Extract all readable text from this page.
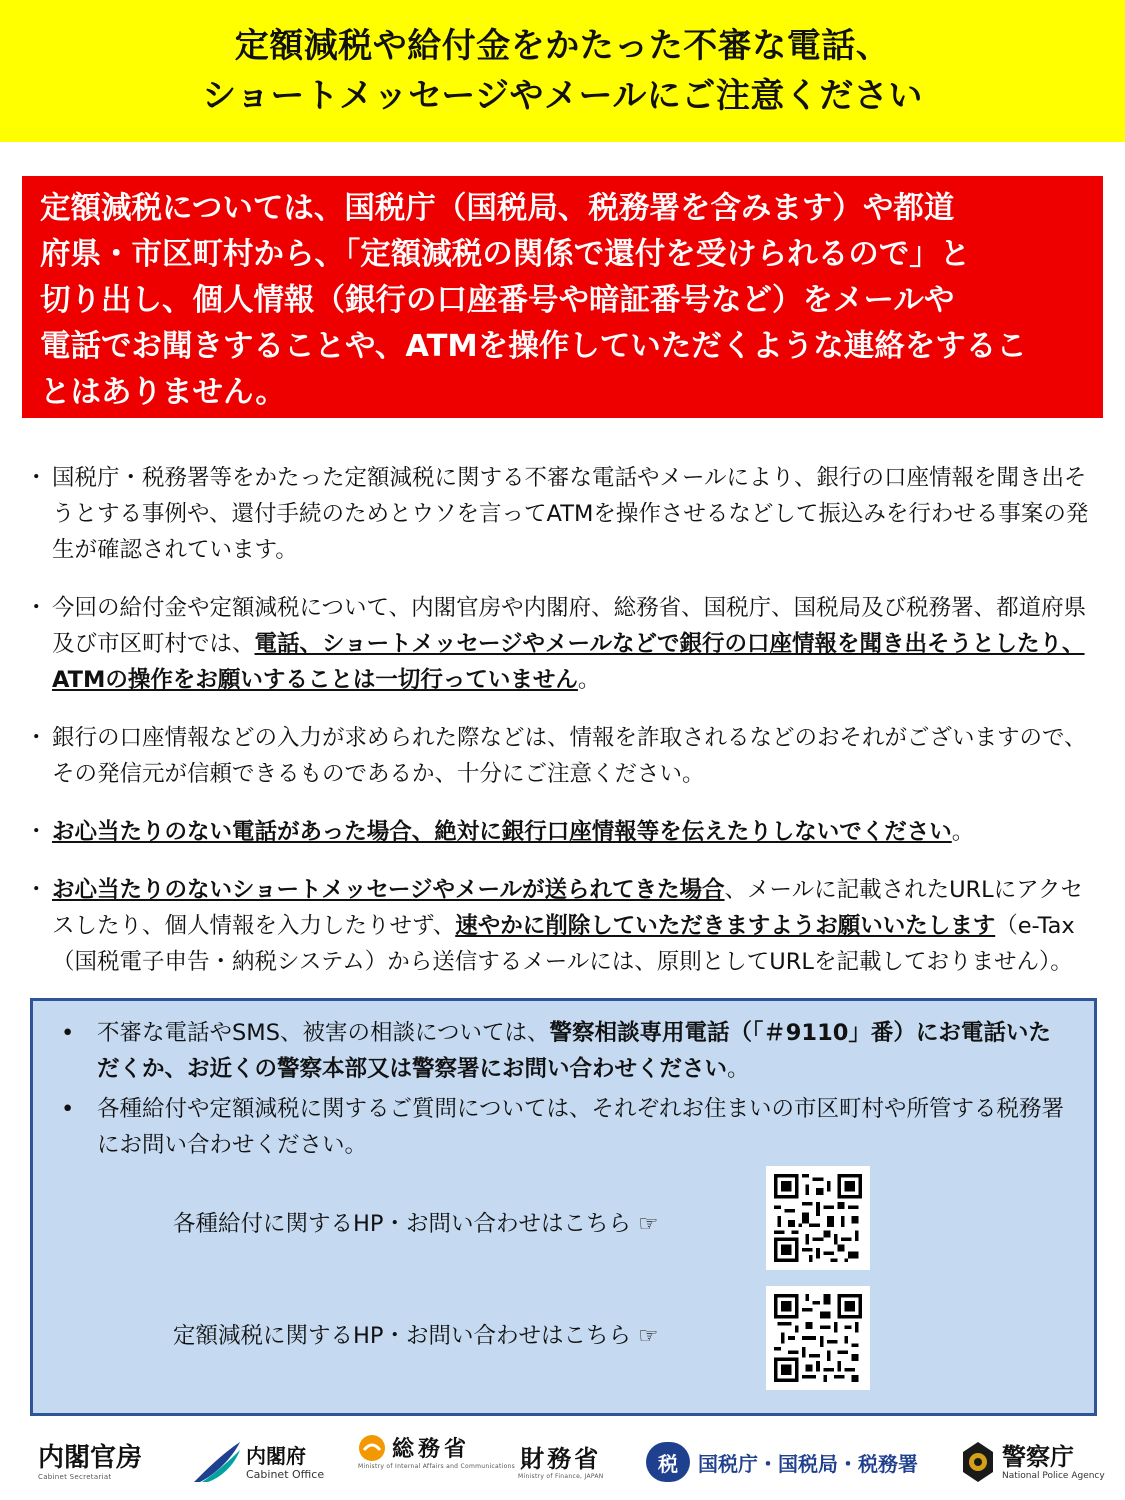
定額減税や給付金をかたった不審な電話、
ショートメッセージやメールにご注意ください
定額減税については、国税庁（国税局、税務署を含みます）や都道
府県・市区町村から、「定額減税の関係で還付を受けられるので」と
切り出し、個人情報（銀行の口座番号や暗証番号など）をメールや
電話でお聞きすることや、ATMを操作していただくような連絡をするこ
とはありません。
・ 国税庁・税務署等をかたった定額減税に関する不審な電話やメールにより、銀行の口座情報を聞き出そうとする事例や、還付手続のためとウソを言ってATMを操作させるなどして振込みを行わせる事案の発生が確認されています。
・ 今回の給付金や定額減税について、内閣官房や内閣府、総務省、国税庁、国税局及び税務署、都道府県及び市区町村では、電話、ショートメッセージやメールなどで銀行の口座情報を聞き出そうとしたり、ATMの操作をお願いすることは一切行っていません。
・ 銀行の口座情報などの入力が求められた際などは、情報を詐取されるなどのおそれがございますので、その発信元が信頼できるものであるか、十分にご注意ください。
・ お心当たりのない電話があった場合、絶対に銀行口座情報等を伝えたりしないでください。
・ お心当たりのないショートメッセージやメールが送られてきた場合、メールに記載されたURLにアクセスしたり、個人情報を入力したりせず、速やかに削除していただきますようお願いいたします（e-Tax（国税電子申告・納税システム）から送信するメールには、原則としてURLを記載しておりません）。
• 不審な電話やSMS、被害の相談については、警察相談専用電話（「＃9110」番）にお電話いただくか、お近くの警察本部又は警察署にお問い合わせください。
• 各種給付や定額減税に関するご質問については、それぞれお住まいの市区町村や所管する税務署にお問い合わせください。
各種給付に関するHP・お問い合わせはこちら ☞
定額減税に関するHP・お問い合わせはこちら ☞
内閣官房
Cabinet Secretariat
内閣府
Cabinet Office
総務省
Ministry of Internal Affairs and Communications 財務省
Ministry of Finance, JAPAN
税 国税庁・国税局・税務署	警察庁
National Police Agency
